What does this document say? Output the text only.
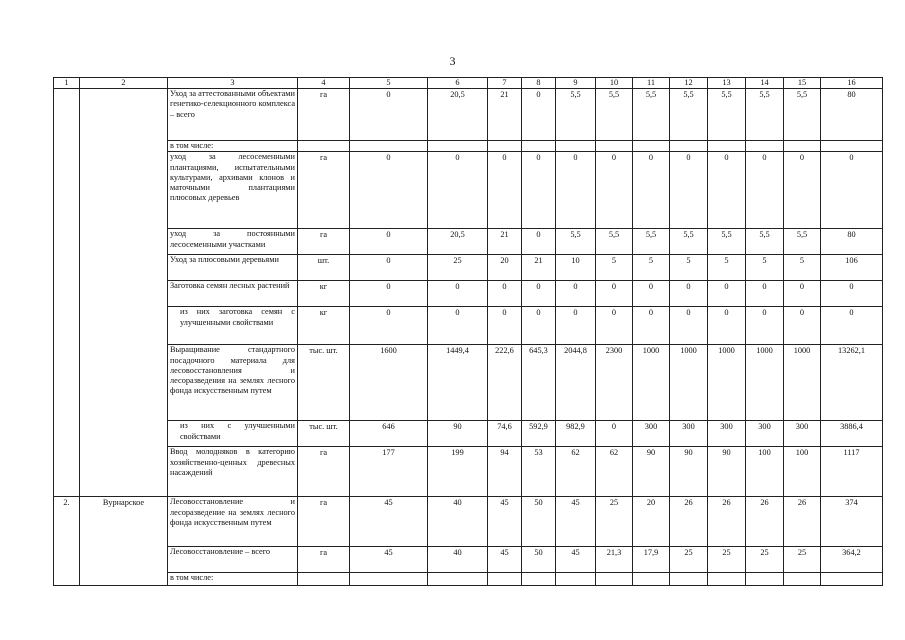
3
1	2	3	4	5	6	7	8	9	10	11	12	13	14	15	16
		Уход за аттестованными объектами генетико-селекционного комплекса – всего	га	0	20,5	21	0	5,5	5,5	5,5	5,5	5,5	5,5	5,5	80
		в том числе:													
		уход за лесосеменными плантациями, испытательными культурами, архивами клонов и маточными плантациями плюсовых деревьев	га	0	0	0	0	0	0	0	0	0	0	0	0
		уход за постоянными лесосеменными участками	га	0	20,5	21	0	5,5	5,5	5,5	5,5	5,5	5,5	5,5	80
		Уход за плюсовыми деревьями	шт.	0	25	20	21	10	5	5	5	5	5	5	106
		Заготовка семян лесных растений	кг	0	0	0	0	0	0	0	0	0	0	0	0
		из них заготовка семян с улучшенными свойствами	кг	0	0	0	0	0	0	0	0	0	0	0	0
		Выращивание стандартного посадочного материала для лесовосстановления и лесоразведения на землях лесного фонда искусственным путем	тыс. шт.	1600	1449,4	222,6	645,3	2044,8	2300	1000	1000	1000	1000	1000	13262,1
		из них с улучшенными свойствами	тыс. шт.	646	90	74,6	592,9	982,9	0	300	300	300	300	300	3886,4
		Ввод молодняков в категорию хозяйственно-ценных древесных насаждений	га	177	199	94	53	62	62	90	90	90	100	100	1117
2.	Вурнарское	Лесовосстановление и лесоразведение на землях лесного фонда искусственным путем	га	45	40	45	50	45	25	20	26	26	26	26	374
		Лесовосстановление – всего	га	45	40	45	50	45	21,3	17,9	25	25	25	25	364,2
		в том числе:													
